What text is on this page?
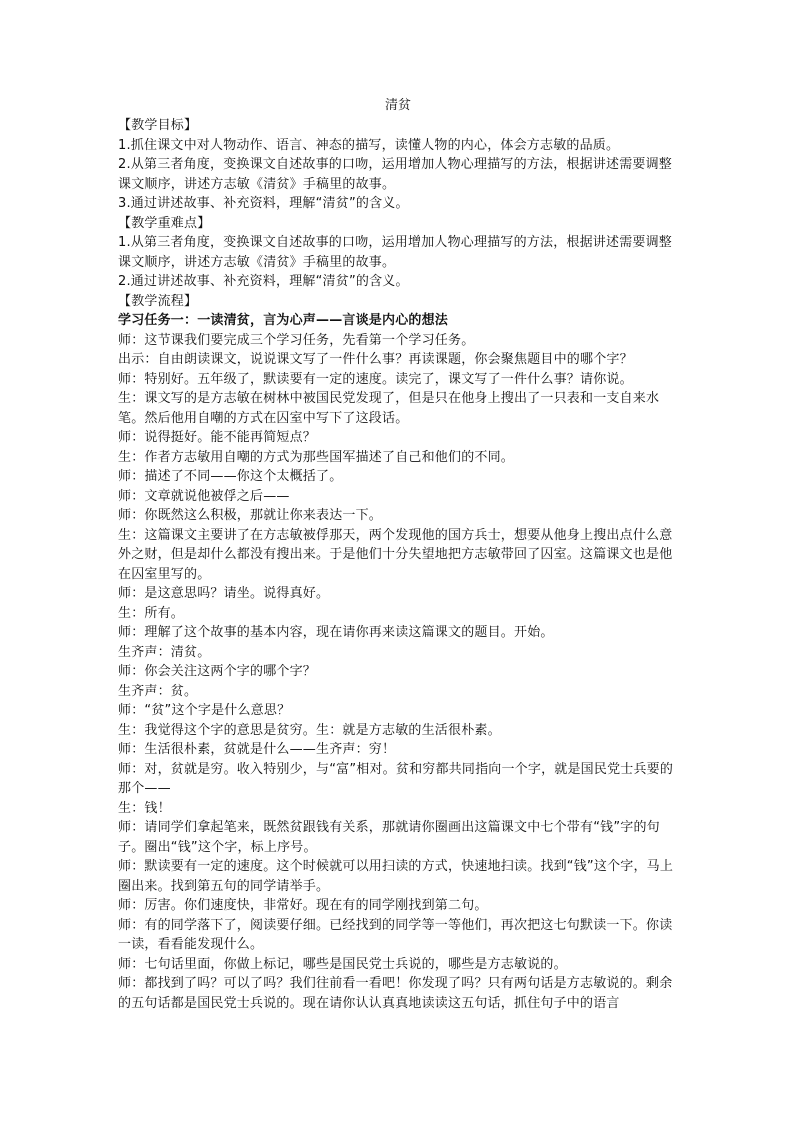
清贫

【教学目标】

1.抓住课文中对人物动作、语言、神态的描写，读懂人物的内心，体会方志敏的品质。

2.从第三者角度，变换课文自述故事的口吻，运用增加人物心理描写的方法，根据讲述需要调整课文顺序，讲述方志敏《清贫》手稿里的故事。

3.通过讲述故事、补充资料，理解“清贫”的含义。

【教学重难点】

1.从第三者角度，变换课文自述故事的口吻，运用增加人物心理描写的方法，根据讲述需要调整课文顺序，讲述方志敏《清贫》手稿里的故事。

2.通过讲述故事、补充资料，理解“清贫”的含义。

【教学流程】

学习任务一：一读清贫，言为心声——言谈是内心的想法

师：这节课我们要完成三个学习任务，先看第一个学习任务。

出示：自由朗读课文，说说课文写了一件什么事？再读课题，你会聚焦题目中的哪个字？

师：特别好。五年级了，默读要有一定的速度。读完了，课文写了一件什么事？请你说。

生：课文写的是方志敏在树林中被国民党发现了，但是只在他身上搜出了一只表和一支自来水笔。然后他用自嘲的方式在囚室中写下了这段话。

师：说得挺好。能不能再简短点？

生：作者方志敏用自嘲的方式为那些国军描述了自己和他们的不同。

师：描述了不同——你这个太概括了。

师：文章就说他被俘之后——

师：你既然这么积极，那就让你来表达一下。

生：这篇课文主要讲了在方志敏被俘那天，两个发现他的国方兵士，想要从他身上搜出点什么意外之财，但是却什么都没有搜出来。于是他们十分失望地把方志敏带回了囚室。这篇课文也是他在囚室里写的。

师：是这意思吗？请坐。说得真好。

生：所有。

师：理解了这个故事的基本内容，现在请你再来读这篇课文的题目。开始。

生齐声：清贫。

师：你会关注这两个字的哪个字？

生齐声：贫。

师：“贫”这个字是什么意思？

生：我觉得这个字的意思是贫穷。生：就是方志敏的生活很朴素。

师：生活很朴素，贫就是什么——生齐声：穷！

师：对，贫就是穷。收入特别少，与“富”相对。贫和穷都共同指向一个字，就是国民党士兵要的那个——

生：钱！

师：请同学们拿起笔来，既然贫跟钱有关系，那就请你圈画出这篇课文中七个带有“钱”字的句子。圈出“钱”这个字，标上序号。

师：默读要有一定的速度。这个时候就可以用扫读的方式，快速地扫读。找到“钱”这个字，马上圈出来。找到第五句的同学请举手。

师：厉害。你们速度快，非常好。现在有的同学刚找到第二句。

师：有的同学落下了，阅读要仔细。已经找到的同学等一等他们，再次把这七句默读一下。你读一读，看看能发现什么。

师：七句话里面，你做上标记，哪些是国民党士兵说的，哪些是方志敏说的。

师：都找到了吗？可以了吗？我们往前看一看吧！你发现了吗？只有两句话是方志敏说的。剩余的五句话都是国民党士兵说的。现在请你认认真真地读读这五句话，抓住句子中的语言
